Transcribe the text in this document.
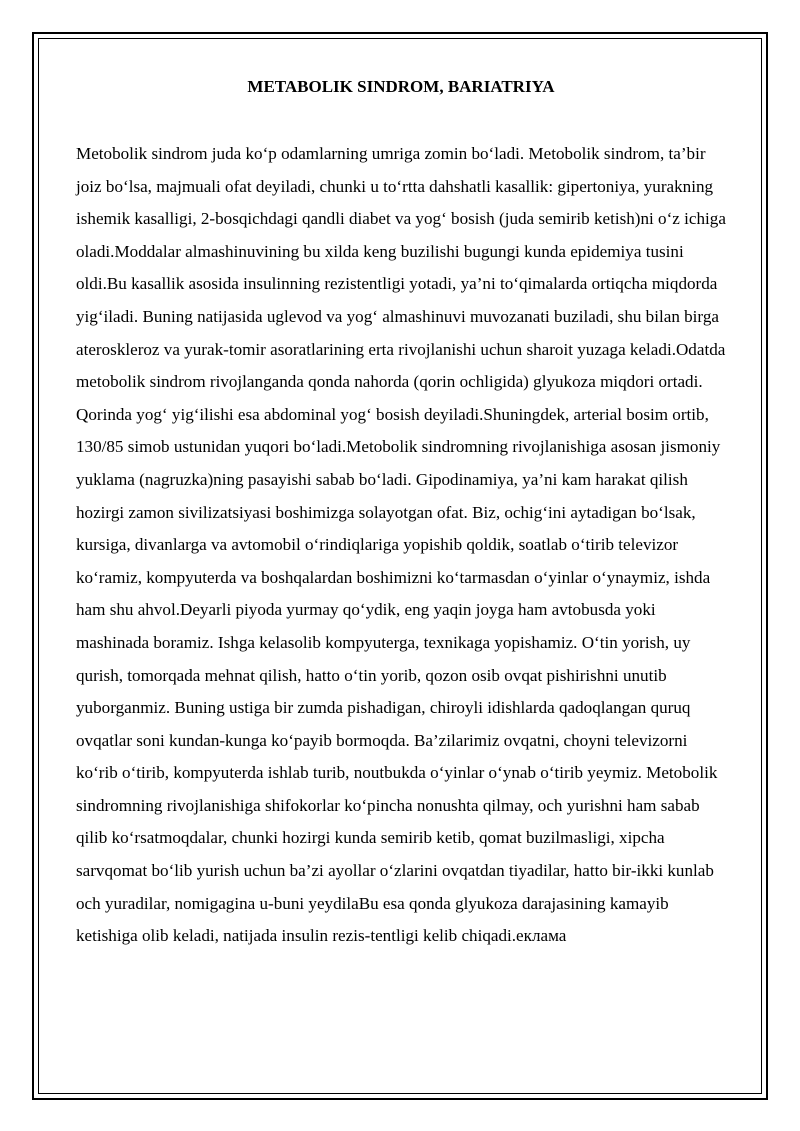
METABOLIK SINDROM, BARIATRIYA

Metobolik sindrom juda ko‘p odamlarning umriga zomin bo‘ladi. Metobolik sindrom, ta’bir joiz bo‘lsa, majmuali ofat deyiladi, chunki u to‘rtta dahshatli kasallik: gipertoniya, yurakning ishemik kasalligi, 2-bosqichdagi qandli diabet va yog‘ bosish (juda semirib ketish)ni o‘z ichiga oladi.Moddalar almashinuvining bu xilda keng buzilishi bugungi kunda epidemiya tusini oldi.Bu kasallik asosida insulinning rezistentligi yotadi, ya’ni to‘qimalarda ortiqcha miqdorda yig‘iladi. Buning natijasida uglevod va yog‘ almashinuvi muvozanati buziladi, shu bilan birga ateroskleroz va yurak-tomir asoratlarining erta rivojlanishi uchun sharoit yuzaga keladi.Odatda metobolik sindrom rivojlanganda qonda nahorda (qorin ochligida) glyukoza miqdori ortadi. Qorinda yog‘ yig‘ilishi esa abdominal yog‘ bosish deyiladi.Shuningdek, arterial bosim ortib, 130/85 simob ustunidan yuqori bo‘ladi.Metobolik sindromning rivojlanishiga asosan jismoniy yuklama (nagruzka)ning pasayishi sabab bo‘ladi. Gipodinamiya, ya’ni kam harakat qilish hozirgi zamon sivilizatsiyasi boshimizga solayotgan ofat. Biz, ochig‘ini aytadigan bo‘lsak, kursiga, divanlarga va avtomobil o‘rindiqlariga yopishib qoldik, soatlab o‘tirib televizor ko‘ramiz, kompyuterda va boshqalardan boshimizni ko‘tarmasdan o‘yinlar o‘ynaymiz, ishda ham shu ahvol.Deyarli piyoda yurmay qo‘ydik, eng yaqin joyga ham avtobusda yoki mashinada boramiz. Ishga kelasolib kompyuterga, texnikaga yopishamiz. O‘tin yorish, uy qurish, tomorqada mehnat qilish, hatto o‘tin yorib, qozon osib ovqat pishirishni unutib yuborganmiz. Buning ustiga bir zumda pishadigan, chiroyli idishlarda qadoqlangan quruq ovqatlar soni kundan-kunga ko‘payib bormoqda. Ba’zilarimiz ovqatni, choyni televizorni ko‘rib o‘tirib, kompyuterda ishlab turib, noutbukda o‘yinlar o‘ynab o‘tirib yeymiz. Metobolik sindromning rivojlanishiga shifokorlar ko‘pincha nonushta qilmay, och yurishni ham sabab qilib ko‘rsatmoqdalar, chunki hozirgi kunda semirib ketib, qomat buzilmasligi, xipcha sarvqomat bo‘lib yurish uchun ba’zi ayollar o‘zlarini ovqatdan tiyadilar, hatto bir-ikki kunlab och yuradilar, nomigagina u-buni yeydilaBu esa qonda glyukoza darajasining kamayib ketishiga olib keladi, natijada insulin rezis-tentligi kelib chiqadi.еклама
